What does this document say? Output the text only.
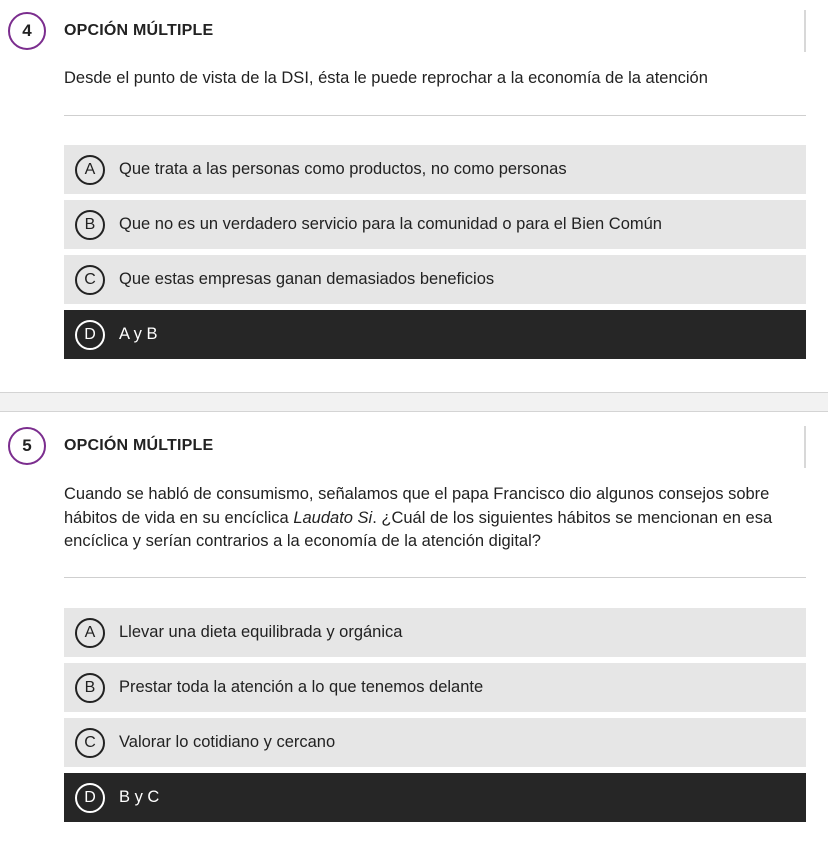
4 OPCIÓN MÚLTIPLE
Desde el punto de vista de la DSI, ésta le puede reprochar a la economía de la atención
A	Que trata a las personas como productos, no como personas
B	Que no es un verdadero servicio para la comunidad o para el Bien Común
C	Que estas empresas ganan demasiados beneficios
D	A y B
5 OPCIÓN MÚLTIPLE
Cuando se habló de consumismo, señalamos que el papa Francisco dio algunos consejos sobre hábitos de vida en su encíclica Laudato Si. ¿Cuál de los siguientes hábitos se mencionan en esa encíclica y serían contrarios a la economía de la atención digital?
A	Llevar una dieta equilibrada y orgánica
B	Prestar toda la atención a lo que tenemos delante
C	Valorar lo cotidiano y cercano
D	B y C
